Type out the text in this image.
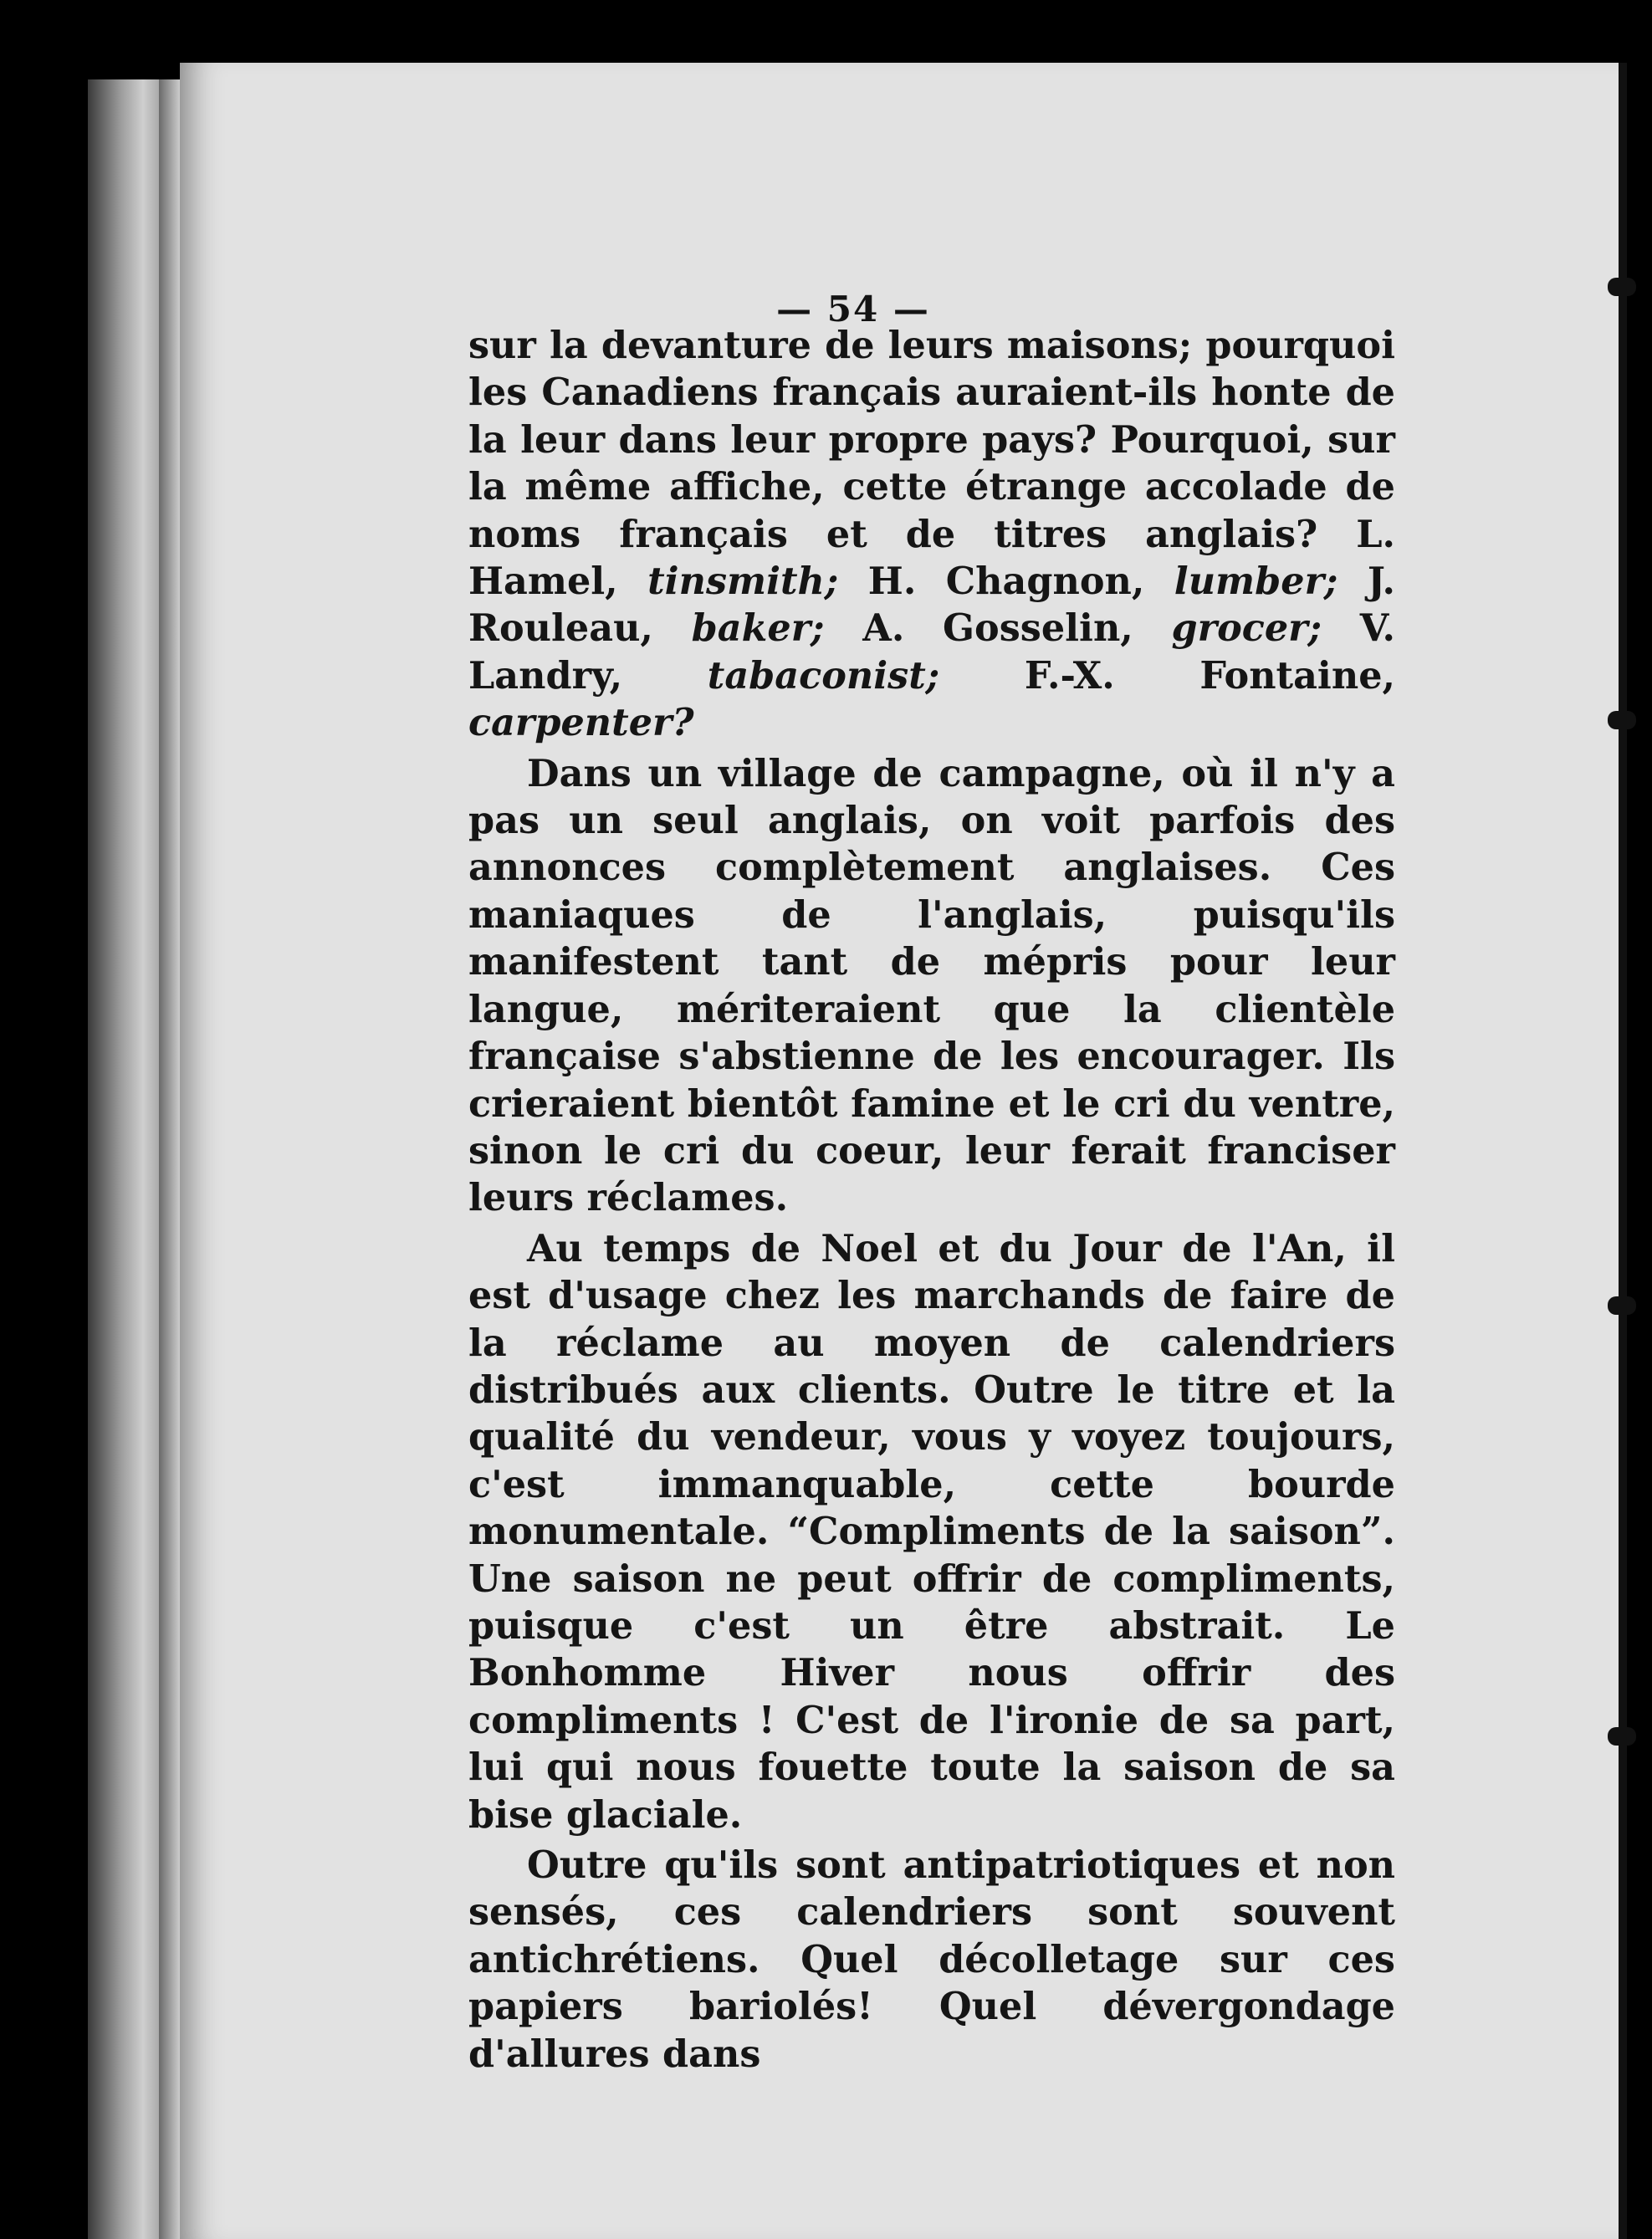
— 54 —

sur la devanture de leurs maisons; pourquoi les Canadiens français auraient-ils honte de la leur dans leur propre pays? Pourquoi, sur la même affiche, cette étrange accolade de noms français et de titres anglais? L. Hamel, tinsmith; H. Chagnon, lumber; J. Rouleau, baker; A. Gosselin, grocer; V. Landry, tabaconist; F.-X. Fontaine, carpenter?

Dans un village de campagne, où il n'y a pas un seul anglais, on voit parfois des annonces complètement anglaises. Ces maniaques de l'anglais, puisqu'ils manifestent tant de mépris pour leur langue, mériteraient que la clientèle française s'abstienne de les encourager. Ils crieraient bientôt famine et le cri du ventre, sinon le cri du coeur, leur ferait franciser leurs réclames.

Au temps de Noel et du Jour de l'An, il est d'usage chez les marchands de faire de la réclame au moyen de calendriers distribués aux clients. Outre le titre et la qualité du vendeur, vous y voyez toujours, c'est immanquable, cette bourde monumentale. “Compliments de la saison”. Une saison ne peut offrir de compliments, puisque c'est un être abstrait. Le Bonhomme Hiver nous offrir des compliments ! C'est de l'ironie de sa part, lui qui nous fouette toute la saison de sa bise glaciale.

Outre qu'ils sont antipatriotiques et non sensés, ces calendriers sont souvent antichrétiens. Quel décolletage sur ces papiers bariolés! Quel dévergondage d'allures dans
